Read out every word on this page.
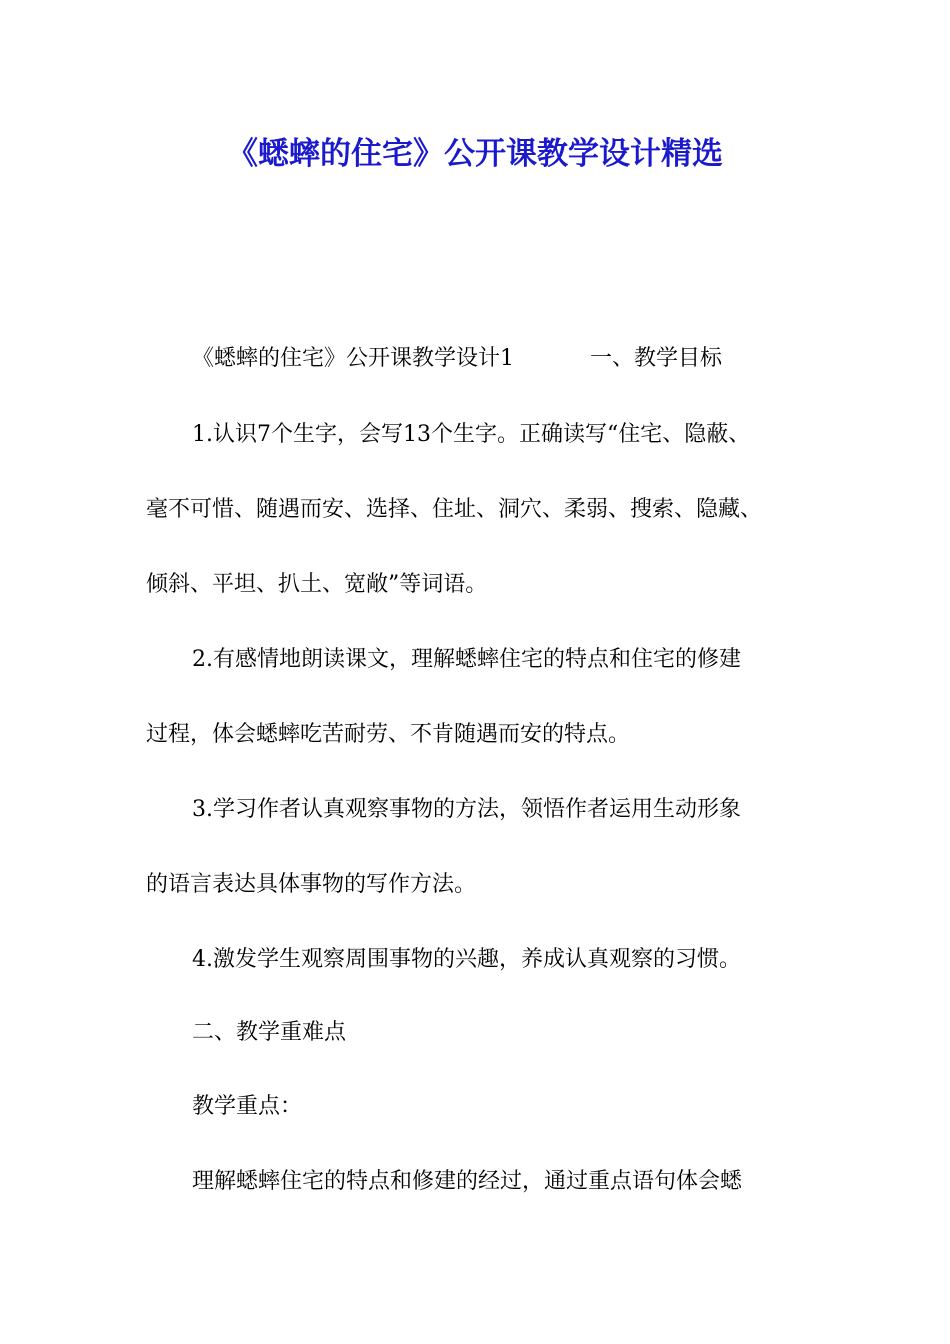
《蟋蟀的住宅》公开课教学设计精选

《蟋蟀的住宅》公开课教学设计1	一、教学目标

1.认识7个生字，会写13个生字。正确读写“住宅、隐蔽、

毫不可惜、随遇而安、选择、住址、洞穴、柔弱、搜索、隐藏、

倾斜、平坦、扒土、宽敞”等词语。

2.有感情地朗读课文，理解蟋蟀住宅的特点和住宅的修建

过程，体会蟋蟀吃苦耐劳、不肯随遇而安的特点。

3.学习作者认真观察事物的方法，领悟作者运用生动形象

的语言表达具体事物的写作方法。

4.激发学生观察周围事物的兴趣，养成认真观察的习惯。

二、教学重难点

教学重点：

理解蟋蟀住宅的特点和修建的经过，通过重点语句体会蟋
